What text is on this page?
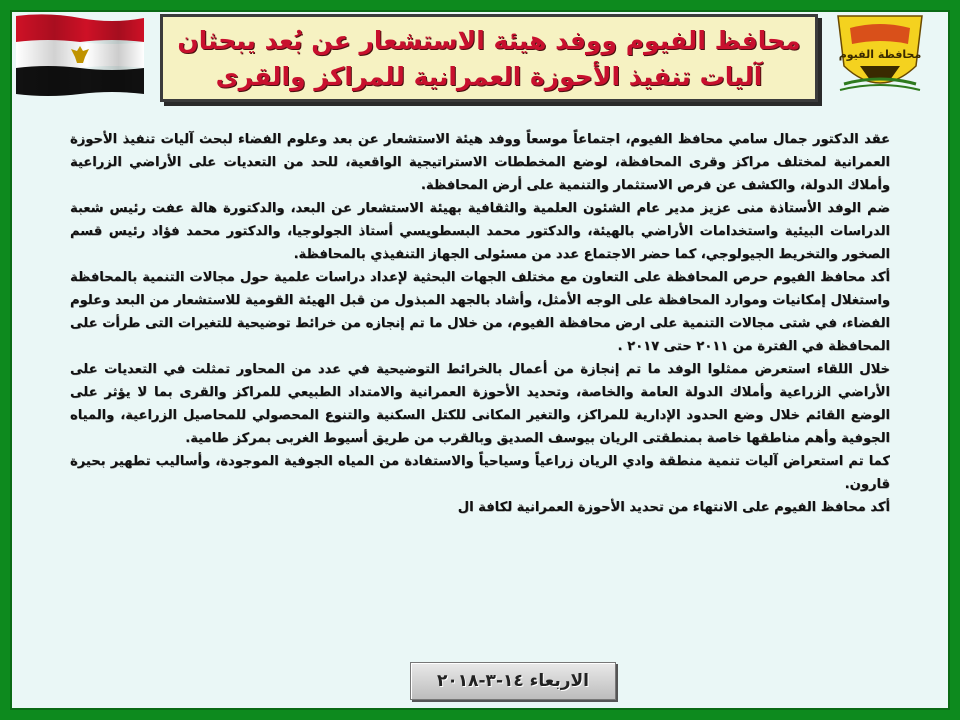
محافظة الفيوم
محافظ الفيوم ووفد هيئة الاستشعار عن بُعد يبحثان آليات تنفيذ الأحوزة العمرانية للمراكز والقرى

عقد الدكتور جمال سامي محافظ الفيوم، اجتماعاً موسعاً ووفد هيئة الاستشعار عن بعد وعلوم الفضاء لبحث آليات تنفيذ الأحوزة العمرانية لمختلف مراكز وقرى المحافظة، لوضع المخططات الاستراتيجية الواقعية، للحد من التعديات على الأراضي الزراعية وأملاك الدولة، والكشف عن فرص الاستثمار والتنمية على أرض المحافظة.

ضم الوفد الأستاذة منى عزيز مدير عام الشئون العلمية والثقافية بهيئة الاستشعار عن البعد، والدكتورة هالة عفت رئيس شعبة الدراسات البيئية واستخدامات الأراضي بالهيئة، والدكتور محمد البسطويسي أستاذ الجولوجيا، والدكتور محمد فؤاد رئيس قسم الصخور والتخريط الجيولوجي، كما حضر الاجتماع عدد من مسئولى الجهاز التنفيذي بالمحافظة.

أكد محافظ الفيوم حرص المحافظة على التعاون مع مختلف الجهات البحثية لإعداد دراسات علمية حول مجالات التنمية بالمحافظة واستغلال إمكانيات وموارد المحافظة على الوجه الأمثل، وأشاد بالجهد المبذول من قبل الهيئة القومية للاستشعار من البعد وعلوم الفضاء، في شتى مجالات التنمية على ارض محافظة الفيوم، من خلال ما تم إنجازه من خرائط توضيحية للتغيرات التى طرأت على المحافظة في الفترة من ٢٠١١ حتى ٢٠١٧ .

خلال اللقاء استعرض ممثلوا الوفد ما تم إنجازة من أعمال بالخرائط التوضيحية في عدد من المحاور تمثلت في التعديات على الأراضي الزراعية وأملاك الدولة العامة والخاصة، وتحديد الأحوزة العمرانية والامتداد الطبيعي للمراكز والقرى بما لا يؤثر على الوضع القائم خلال وضع الحدود الإدارية للمراكز، والتغير المكانى للكتل السكنية والتنوع المحصولي للمحاصيل الزراعية، والمياه الجوفية وأهم مناطقها خاصة بمنطقتى الريان بيوسف الصديق وبالقرب من طريق أسيوط الغربى بمركز طامية.

كما تم استعراض آليات تنمية منطقة وادي الريان زراعياً وسياحياً والاستفادة من المياه الجوفية الموجودة، وأساليب تطهير بحيرة قارون.

أكد محافظ الفيوم على الانتهاء من تحديد الأحوزة العمرانية لكافة ال

الاربعاء ١٤-٣-٢٠١٨
